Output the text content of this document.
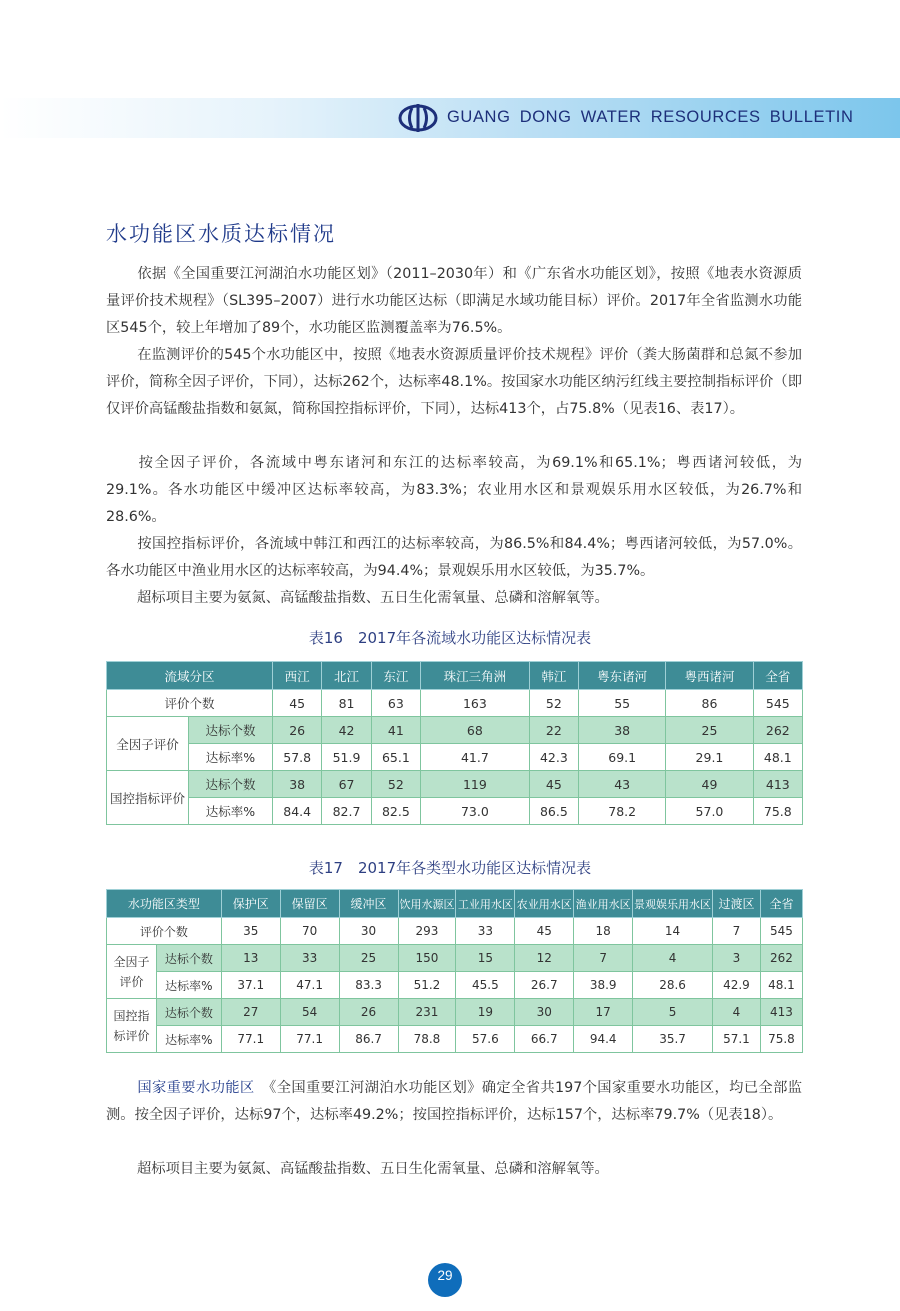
GUANG DONG WATER RESOURCES BULLETIN
水功能区水质达标情况
依据《全国重要江河湖泊水功能区划》（2011–2030年）和《广东省水功能区划》，按照《地表水资源质量评价技术规程》（SL395–2007）进行水功能区达标（即满足水域功能目标）评价。2017年全省监测水功能区545个，较上年增加了89个，水功能区监测覆盖率为76.5%。
在监测评价的545个水功能区中，按照《地表水资源质量评价技术规程》评价（粪大肠菌群和总氮不参加评价，简称全因子评价，下同），达标262个，达标率48.1%。按国家水功能区纳污红线主要控制指标评价（即仅评价高锰酸盐指数和氨氮，简称国控指标评价，下同），达标413个，占75.8%（见表16、表17）。
按全因子评价，各流域中粤东诸河和东江的达标率较高，为69.1%和65.1%；粤西诸河较低，为29.1%。各水功能区中缓冲区达标率较高，为83.3%；农业用水区和景观娱乐用水区较低，为26.7%和28.6%。
按国控指标评价，各流域中韩江和西江的达标率较高，为86.5%和84.4%；粤西诸河较低，为57.0%。各水功能区中渔业用水区的达标率较高，为94.4%；景观娱乐用水区较低，为35.7%。
超标项目主要为氨氮、高锰酸盐指数、五日生化需氧量、总磷和溶解氧等。
表16　2017年各流域水功能区达标情况表
流域分区		西江	北江	东江	珠江三角洲	韩江	粤东诸河	粤西诸河	全省
评价个数		45	81	63	163	52	55	86	545
全因子评价	达标个数	26	42	41	68	22	38	25	262
	达标率%	57.8	51.9	65.1	41.7	42.3	69.1	29.1	48.1
国控指标评价	达标个数	38	67	52	119	45	43	49	413
	达标率%	84.4	82.7	82.5	73.0	86.5	78.2	57.0	75.8
表17　2017年各类型水功能区达标情况表
水功能区类型		保护区	保留区	缓冲区	饮用水源区	工业用水区	农业用水区	渔业用水区	景观娱乐用水区	过渡区	全省
评价个数		35	70	30	293	33	45	18	14	7	545
全因子
评价	达标个数	13	33	25	150	15	12	7	4	3	262
	达标率%	37.1	47.1	83.3	51.2	45.5	26.7	38.9	28.6	42.9	48.1
国控指
标评价	达标个数	27	54	26	231	19	30	17	5	4	413
	达标率%	77.1	77.1	86.7	78.8	57.6	66.7	94.4	35.7	57.1	75.8
国家重要水功能区　 《全国重要江河湖泊水功能区划》确定全省共197个国家重要水功能区，均已全部监测。按全因子评价，达标97个，达标率49.2%；按国控指标评价，达标157个，达标率79.7%（见表18）。
超标项目主要为氨氮、高锰酸盐指数、五日生化需氧量、总磷和溶解氧等。
29
